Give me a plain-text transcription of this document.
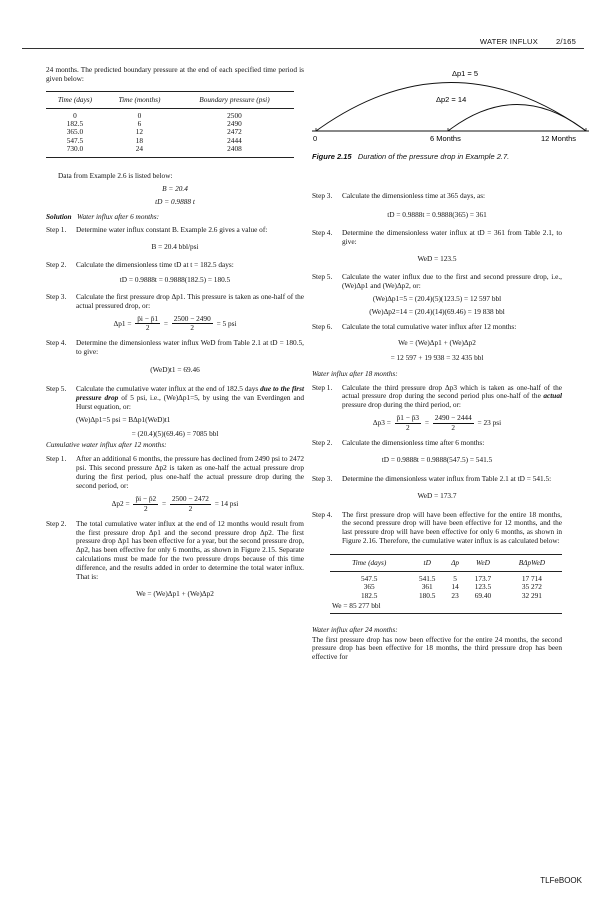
WATER INFLUX 2/165

24 months. The predicted boundary pressure at the end of each specified time period is given below:

Time (days)	Time (months)	Boundary pressure (psi)
0	0	2500
182.5	6	2490
365.0	12	2472
547.5	18	2444
730.0	24	2408

Data from Example 2.6 is listed below:

B = 20.4

tD = 0.9888 t

Solution Water influx after 6 months:

Step 1.	Determine water influx constant B. Example 2.6 gives a value of:

B = 20.4 bbl/psi

Step 2.	Calculate the dimensionless time tD at t = 182.5 days:

tD = 0.9888t = 0.9888(182.5) = 180.5

Step 3.	Calculate the first pressure drop Δp1. This pressure is taken as one-half of the actual pressured drop, or:

$\Delta p1 = \frac{p̄i - p̄1}{2} = \frac{2500 - 2490}{2} = 5$ psi

Step 4.	Determine the dimensionless water influx WeD from Table 2.1 at tD = 180.5, to give:

(WeD)t1 = 69.46

Step 5.	Calculate the cumulative water influx at the end of 182.5 days due to the first pressure drop of 5 psi, i.e., (We)Δp1=5, by using the van Everdingen and Hurst equation, or:

(We)Δp1=5 psi = BΔp1(WeD)t1

= (20.4)(5)(69.46) = 7085 bbl

Cumulative water influx after 12 months:

Step 1.	After an additional 6 months, the pressure has declined from 2490 psi to 2472 psi. This second pressure Δp2 is taken as one-half the actual pressure drop during the first period, plus one-half the actual pressure drop during the second period, or:

$\Delta p2 = \frac{p̄i - p̄2}{2} = \frac{2500 - 2472}{2} = 14$ psi

Step 2.	The total cumulative water influx at the end of 12 months would result from the first pressure drop Δp1 and the second pressure drop Δp2. The first pressure drop Δp1 has been effective for a year, but the second pressure drop, Δp2, has been effective for only 6 months, as shown in Figure 2.15. Separate calculations must be made for the two pressure drops because of this time difference, and the results added in order to determine the total water influx. That is:

We = (We)Δp1 + (We)Δp2

Δp1 = 5
Δp2 = 14
0	6 Months	12 Months

Figure 2.15 Duration of the pressure drop in Example 2.7.

Step 3.	Calculate the dimensionless time at 365 days, as:

tD = 0.9888t = 0.9888(365) = 361

Step 4.	Determine the dimensionless water influx at tD = 361 from Table 2.1, to give:

WeD = 123.5

Step 5.	Calculate the water influx due to the first and second pressure drop, i.e., (We)Δp1 and (We)Δp2, or:

(We)Δp1=5 = (20.4)(5)(123.5) = 12 597 bbl

(We)Δp2=14 = (20.4)(14)(69.46) = 19 838 bbl

Step 6.	Calculate the total cumulative water influx after 12 months:

We = (We)Δp1 + (We)Δp2

= 12 597 + 19 938 = 32 435 bbl

Water influx after 18 months:

Step 1.	Calculate the third pressure drop Δp3 which is taken as one-half of the actual pressure drop during the second period plus one-half of the actual pressure drop during the third period, or:

$\Delta p3 = \frac{p̄1 - p̄3}{2} = \frac{2490 - 2444}{2} = 23$ psi

Step 2.	Calculate the dimensionless time after 6 months:

tD = 0.9888t = 0.9888(547.5) = 541.5

Step 3.	Determine the dimensionless water influx from Table 2.1 at tD = 541.5:

WeD = 173.7

Step 4.	The first pressure drop will have been effective for the entire 18 months, the second pressure drop will have been effective for 12 months, and the last pressure drop will have been effective for only 6 months, as shown in Figure 2.16. Therefore, the cumulative water influx is as calculated below:
Time (days)	tD	Δp	WeD	BΔpWeD
547.5	541.5	5	173.7	17 714
365	361	14	123.5	35 272
182.5	180.5	23	69.40	32 291
We = 85 277 bbl				

Water influx after 24 months:

The first pressure drop has now been effective for the entire 24 months, the second pressure drop has been effective for 18 months, the third pressure drop has been effective for

TLFeBOOK
